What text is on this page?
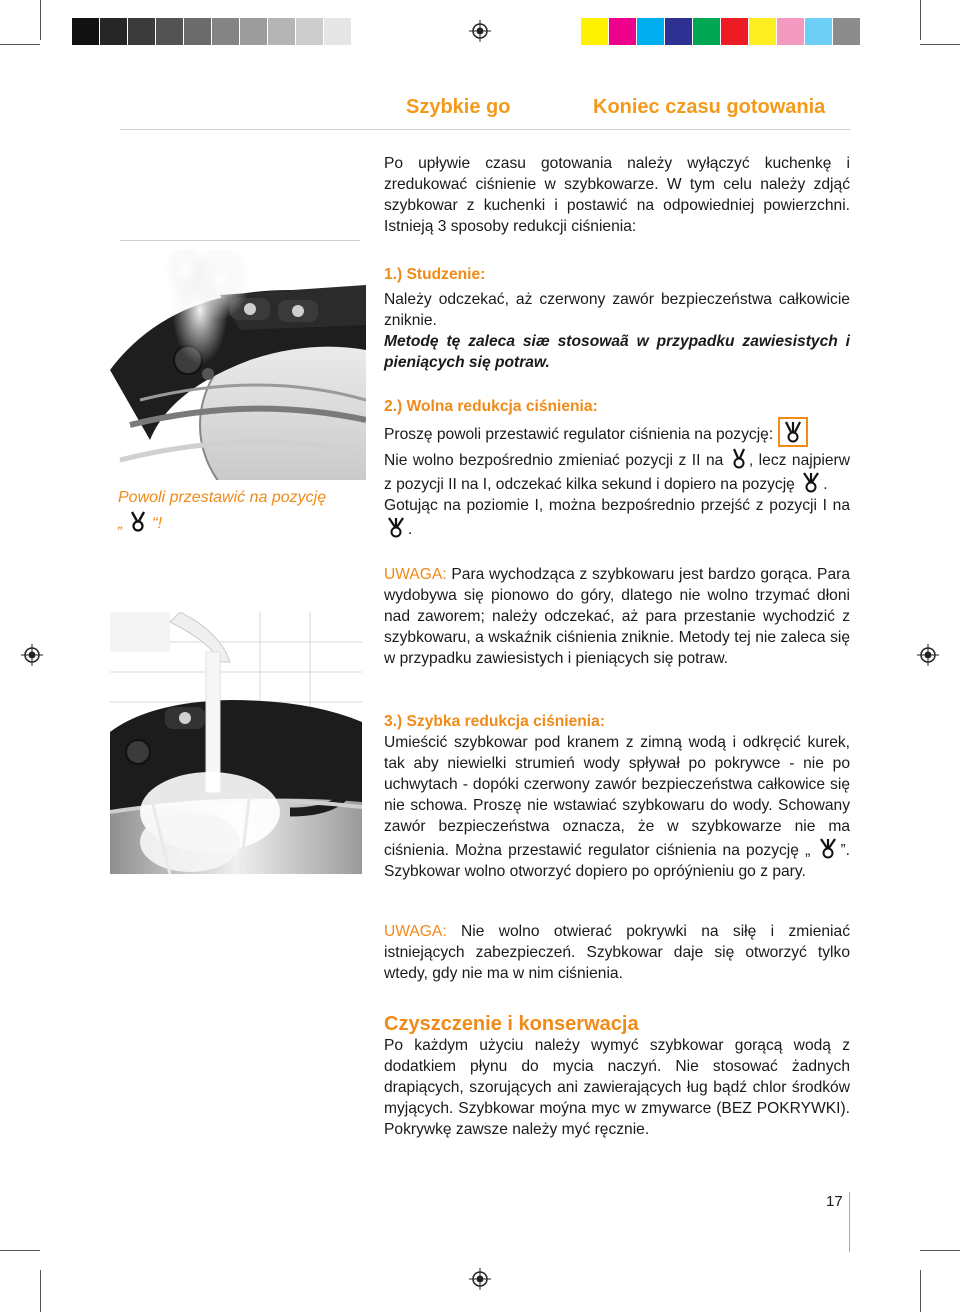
Szybkie go	Koniec czasu gotowania
Powoli przestawić na pozycję
„ “!
Po upływie czasu gotowania należy wyłączyć kuchenkę i zredukować ciśnienie w szybkowarze. W tym celu należy zdjąć szybkowar z kuchenki i postawić na odpowiedniej powierzchni. Istnieją 3 sposoby redukcji ciśnienia:

1.) Studzenie:

Należy odczekać, aż czerwony zawór bezpieczeństwa całkowicie zniknie.

Metodę tę zaleca siæ stosowaã w przypadku zawiesistych i pieniących się potraw.

2.) Wolna redukcja ciśnienia:

Proszę powoli przestawić regulator ciśnienia na pozycję:

Nie wolno bezpośrednio zmieniać pozycji z II na , lecz najpierw z pozycji II na I, odczekać kilka sekund i dopiero na pozycję .

Gotując na poziomie I, można bezpośrednio przejść z pozycji I na .

UWAGA: Para wychodząca z szybkowaru jest bardzo gorąca. Para wydobywa się pionowo do góry, dlatego nie wolno trzymać dłoni nad zaworem; należy odczekać, aż para przestanie wychodzić z szybkowaru, a wskaźnik ciśnienia zniknie. Metody tej nie zaleca się w przypadku zawiesistych i pieniących się potraw.

3.) Szybka redukcja ciśnienia:

Umieścić szybkowar pod kranem z zimną wodą i odkręcić kurek, tak aby niewielki strumień wody spływał po pokrywce - nie po uchwytach - dopóki czerwony zawór bezpieczeństwa całkowice się nie schowa. Proszę nie wstawiać szybkowaru do wody. Schowany zawór bezpieczeństwa oznacza, że w szybkowarze nie ma ciśnienia. Można przestawić regulator ciśnienia na pozycję „ ”. Szybkowar wolno otworzyć dopiero po opróýnieniu go z pary.

UWAGA: Nie wolno otwierać pokrywki na siłę i zmieniać istniejących zabezpieczeń. Szybkowar daje się otworzyć tylko wtedy, gdy nie ma w nim ciśnienia.

Czyszczenie i konserwacja

Po każdym użyciu należy wymyć szybkowar gorącą wodą z dodatkiem płynu do mycia naczyń. Nie stosować żadnych drapiących, szorujących ani zawierających ług bądź chlor środków myjących. Szybkowar moýna myc w zmywarce (BEZ POKRYWKI). Pokrywkę zawsze należy myć ręcznie.

17
